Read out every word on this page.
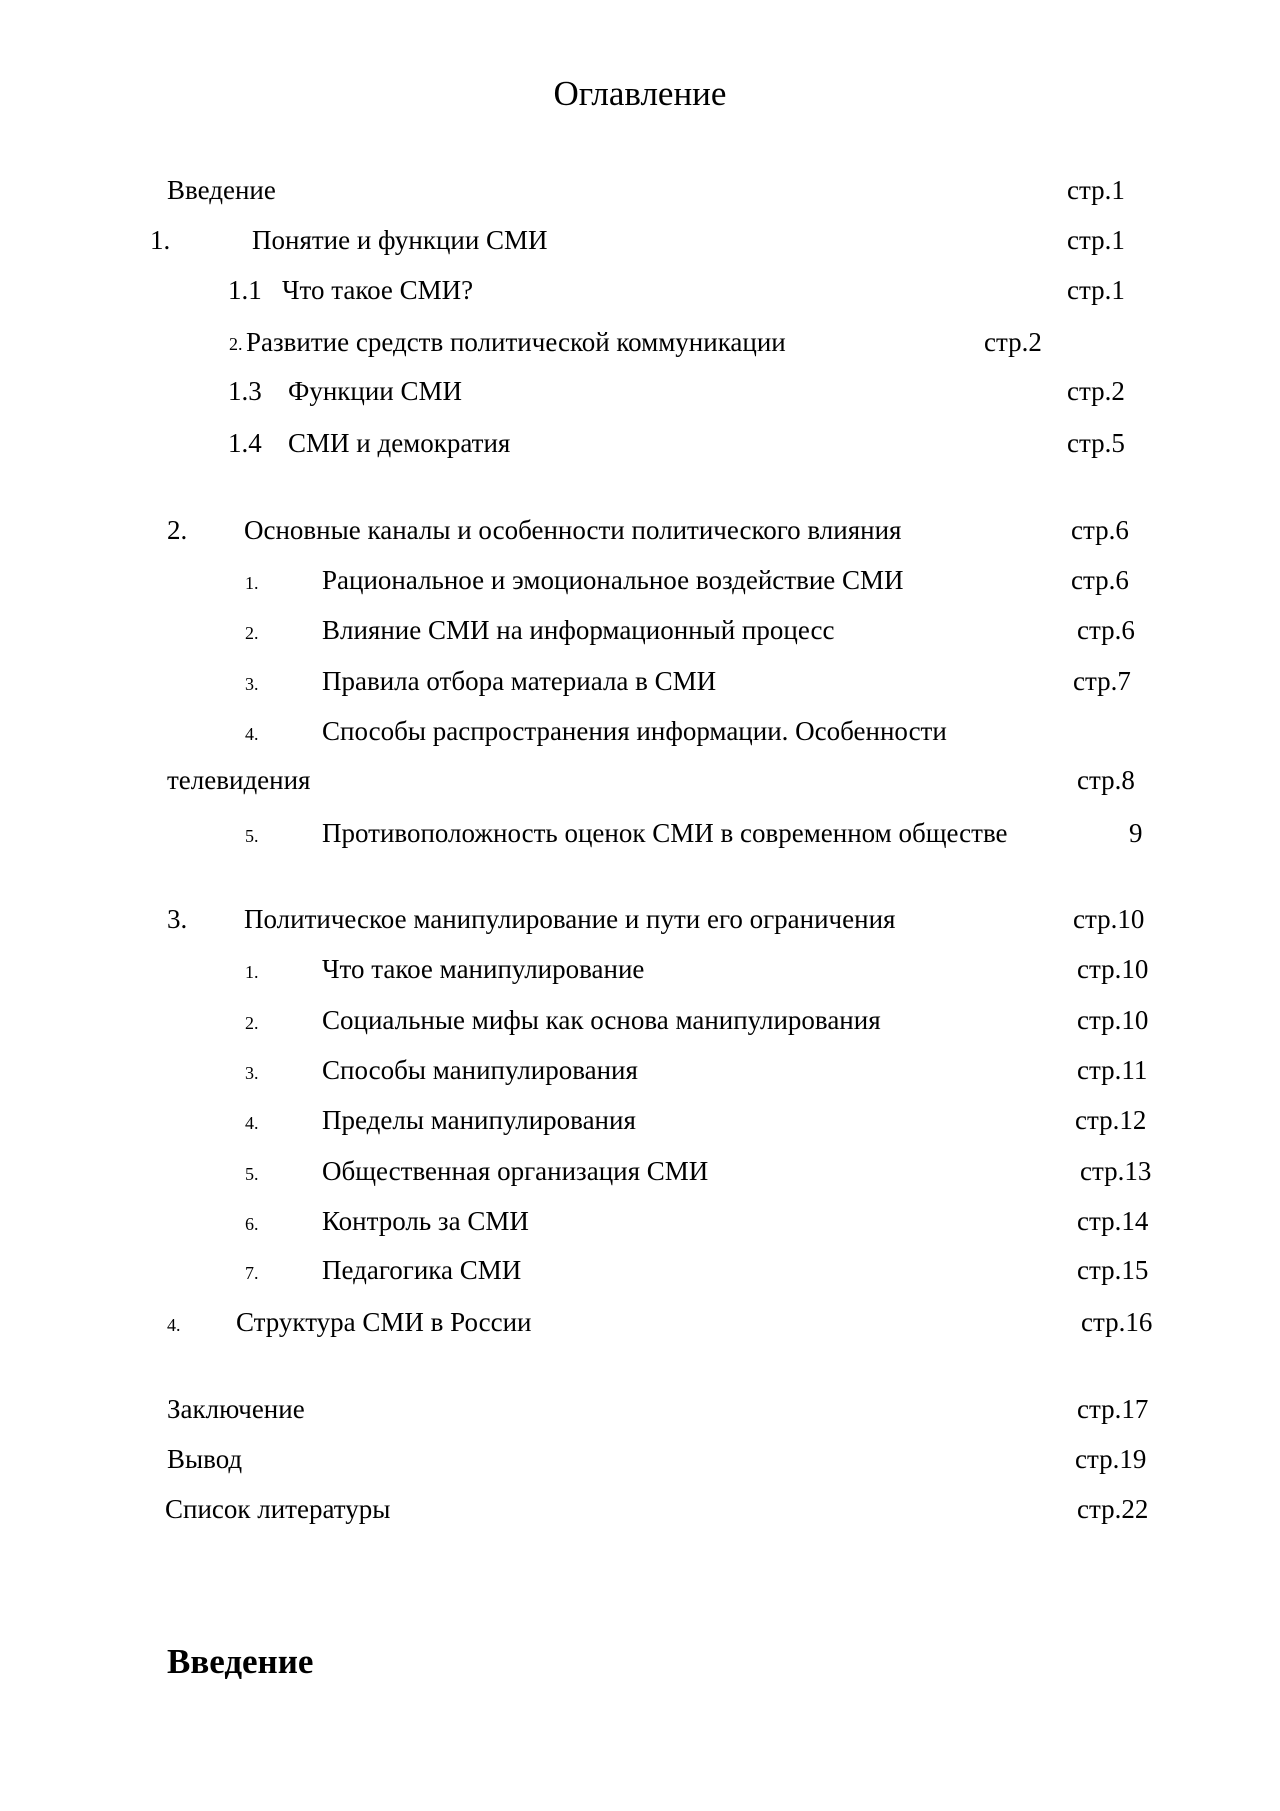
Оглавление
Введение	стр.1
1.	Понятие и функции СМИ	стр.1
1.1 Что такое СМИ?	стр.1
2. Развитие средств политической коммуникации	стр.2
1.3 Функции СМИ	стр.2
1.4 СМИ и демократия	стр.5
2. Основные каналы и особенности политического влияния	стр.6
1. Рациональное и эмоциональное воздействие СМИ	стр.6
2. Влияние СМИ на информационный процесс	стр.6
3. Правила отбора материала в СМИ	стр.7
4. Способы распространения информации. Особенности
телевидения	стр.8
5. Противоположность оценок СМИ в современном обществе	9
3. Политическое манипулирование и пути его ограничения	стр.10
1. Что такое манипулирование	стр.10
2. Социальные мифы как основа манипулирования	стр.10
3. Способы манипулирования	стр.11
4. Пределы манипулирования	стр.12
5. Общественная организация СМИ	стр.13
6. Контроль за СМИ	стр.14
7. Педагогика СМИ	стр.15
4. Структура СМИ в России	стр.16
Заключение	стр.17
Вывод	стр.19
Список литературы	стр.22
Введение
